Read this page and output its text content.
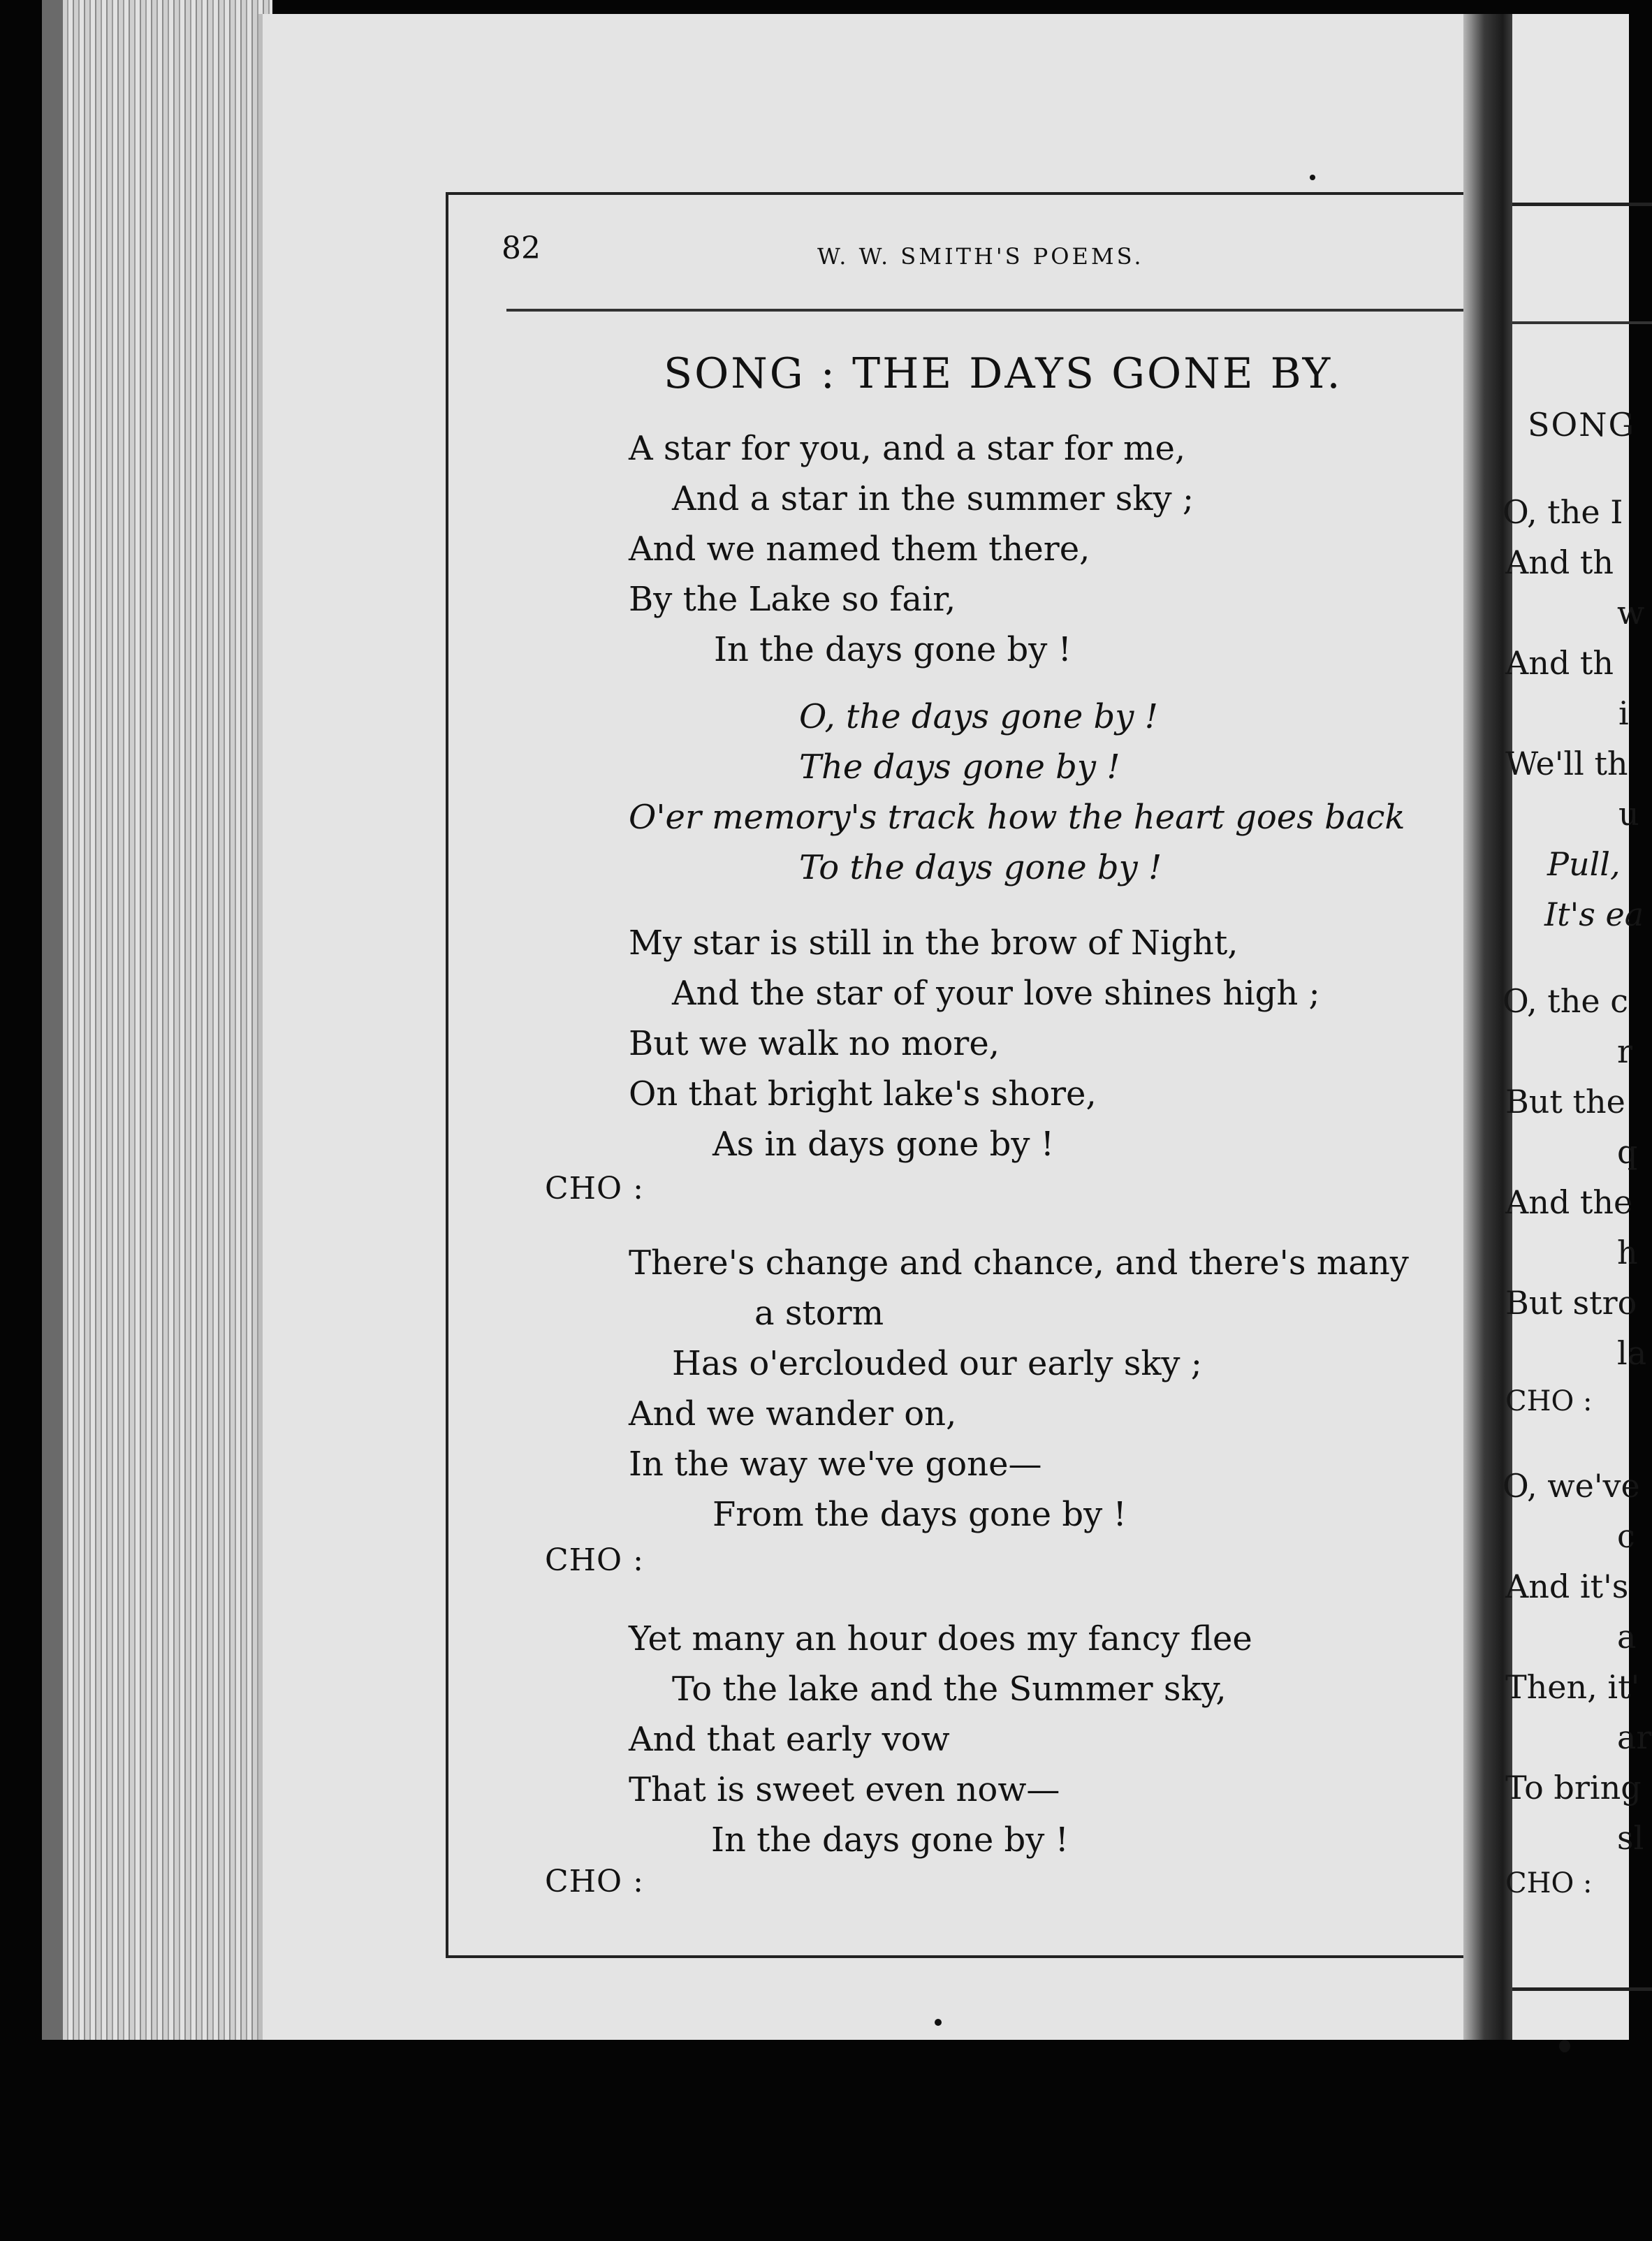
82	W. W. SMITH'S POEMS.
SONG : THE DAYS GONE BY.
A star for you, and a star for me,
And a star in the summer sky ;
And we named them there,
By the Lake so fair,
In the days gone by !
O, the days gone by !
The days gone by !
O'er memory's track how the heart goes back
To the days gone by !
My star is still in the brow of Night,
And the star of your love shines high ;
But we walk no more,
On that bright lake's shore,
As in days gone by !
CHO :
There's change and chance, and there's many
a storm
Has o'erclouded our early sky ;
And we wander on,
In the way we've gone—
From the days gone by !
CHO :
Yet many an hour does my fancy flee
To the lake and the Summer sky,
And that early vow
That is sweet even now—
In the days gone by !
CHO :
SONG
O, the I
And th
w
And th
i
We'll th
u
Pull,
It's ea
O, the c
r
But the
q
And the
h
But stro
la
CHO :
O, we've
c
And it's
a
Then, it'
ar
To bring
sl
CHO :
